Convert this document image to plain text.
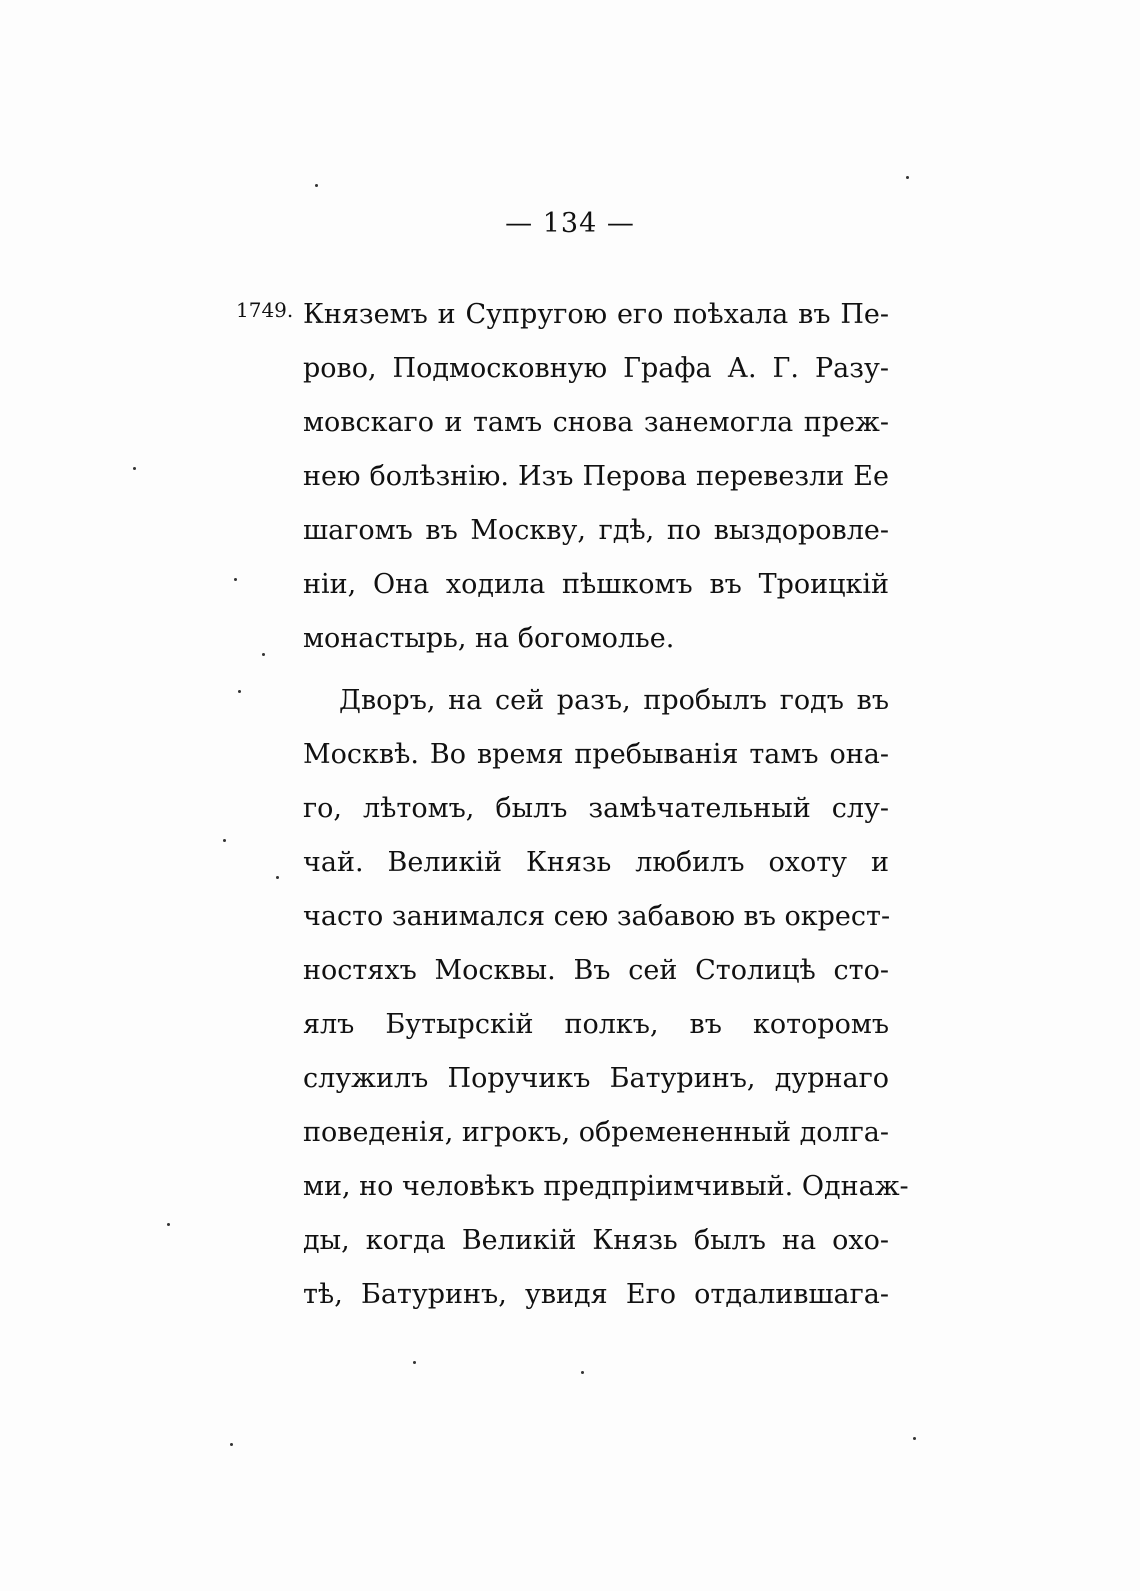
— 134 —
1749. Княземъ и Супругою его поѣхала въ Пе-
рово, Подмосковную Графа А. Г. Разу-
мовскаго и тамъ снова занемогла преж-
нею болѣзнію. Изъ Перова перевезли Ее
шагомъ въ Москву, гдѣ, по выздоровле-
ніи, Она ходила пѣшкомъ въ Троицкій
монастырь, на богомолье.
Дворъ, на сей разъ, пробылъ годъ въ
Москвѣ. Во время пребыванія тамъ она-
го, лѣтомъ, былъ замѣчательный слу-
чай. Великій Князь любилъ охоту и
часто занимался сею забавою въ окрест-
ностяхъ Москвы. Въ сей Столицѣ сто-
ялъ Бутырскій полкъ, въ которомъ
служилъ Поручикъ Батуринъ, дурнаго
поведенія, игрокъ, обремененный долга-
ми, но человѣкъ предпріимчивый. Однаж-
ды, когда Великій Князь былъ на охо-
тѣ, Батуринъ, увидя Его отдалившага-
